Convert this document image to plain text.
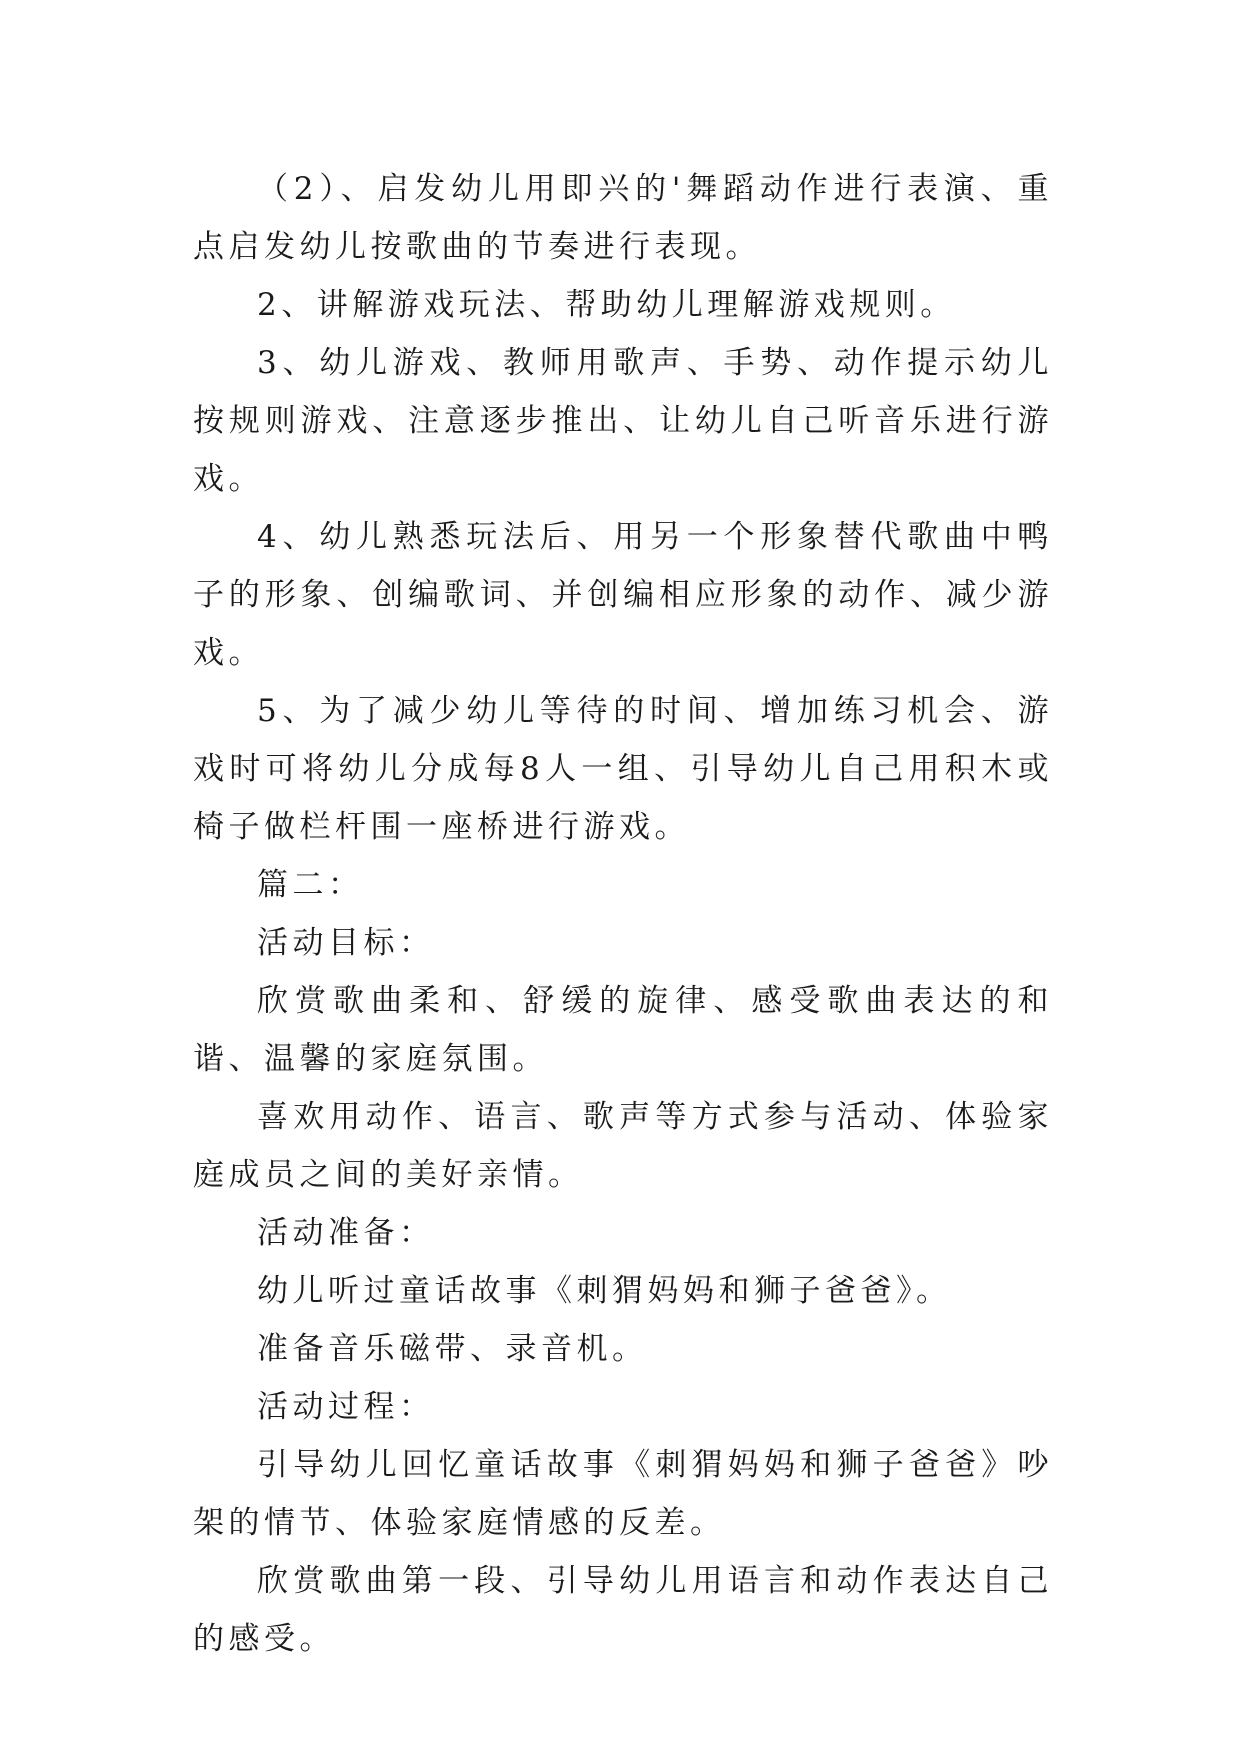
（2）、启发幼儿用即兴的'舞蹈动作进行表演、重点启发幼儿按歌曲的节奏进行表现。

2、讲解游戏玩法、帮助幼儿理解游戏规则。

3、幼儿游戏、教师用歌声、手势、动作提示幼儿按规则游戏、注意逐步推出、让幼儿自己听音乐进行游戏。

4、幼儿熟悉玩法后、用另一个形象替代歌曲中鸭子的形象、创编歌词、并创编相应形象的动作、减少游戏。

5、为了减少幼儿等待的时间、增加练习机会、游戏时可将幼儿分成每8人一组、引导幼儿自己用积木或椅子做栏杆围一座桥进行游戏。

篇二：

活动目标：

欣赏歌曲柔和、舒缓的旋律、感受歌曲表达的和谐、温馨的家庭氛围。

喜欢用动作、语言、歌声等方式参与活动、体验家庭成员之间的美好亲情。

活动准备：

幼儿听过童话故事《刺猬妈妈和狮子爸爸》。

准备音乐磁带、录音机。

活动过程：

引导幼儿回忆童话故事《刺猬妈妈和狮子爸爸》吵架的情节、体验家庭情感的反差。

欣赏歌曲第一段、引导幼儿用语言和动作表达自己的感受。
